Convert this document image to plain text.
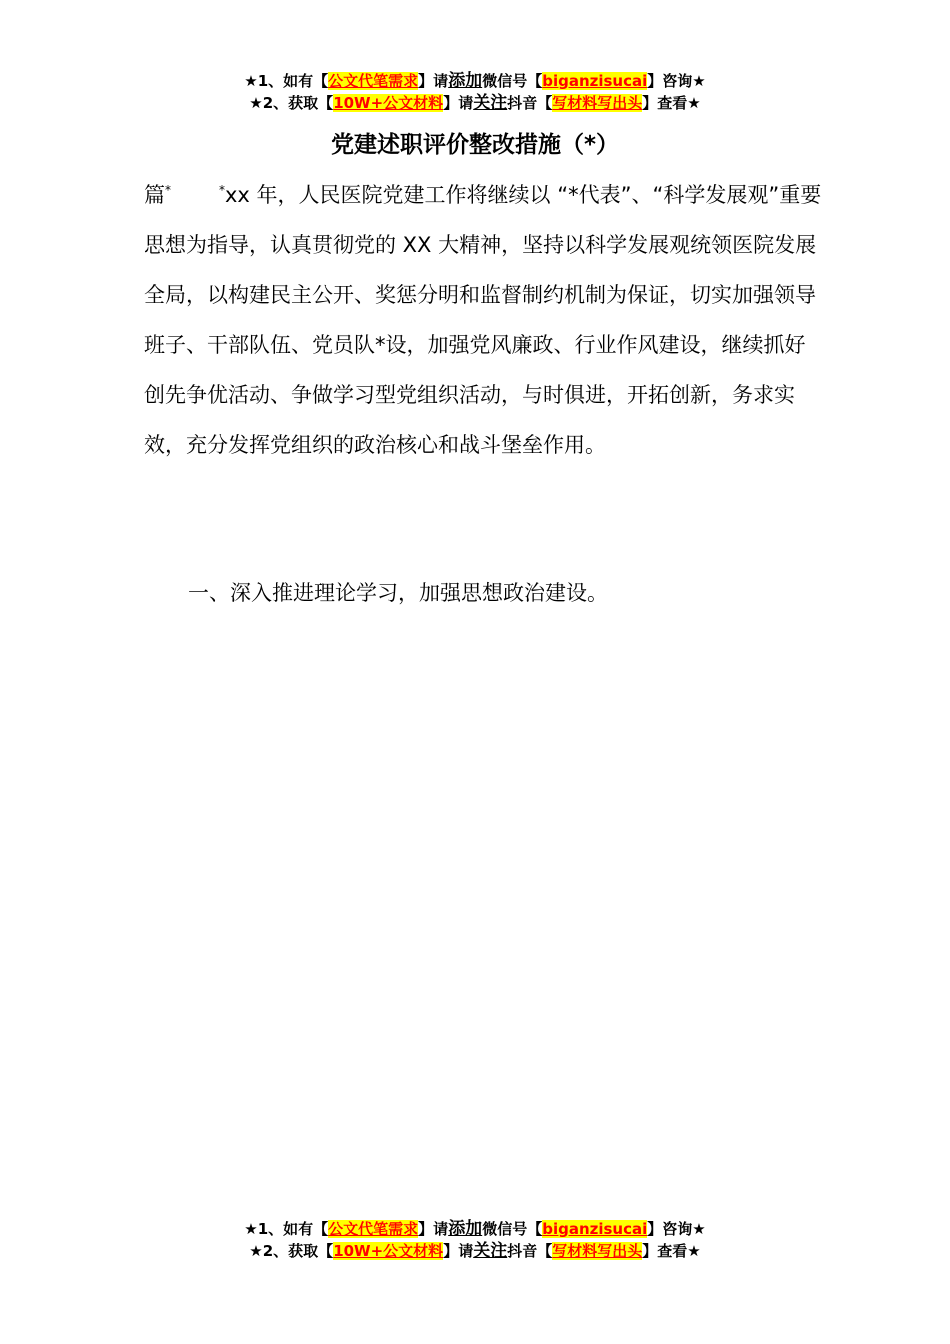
★1、如有【公文代笔需求】请添加微信号【biganzisucai】咨询★
★2、获取【10W+公文材料】请关注抖音【写材料写出头】查看★
党建述职评价整改措施（*）

篇*	*xx 年，人民医院党建工作将继续以 “*代表”、“科学发展观”重要思想为指导，认真贯彻党的 XX 大精神，坚持以科学发展观统领医院发展全局，以构建民主公开、奖惩分明和监督制约机制为保证，切实加强领导班子、干部队伍、党员队*设，加强党风廉政、行业作风建设，继续抓好创先争优活动、争做学习型党组织活动，与时俱进，开拓创新，务求实效，充分发挥党组织的政治核心和战斗堡垒作用。

一、深入推进理论学习，加强思想政治建设。
★1、如有【公文代笔需求】请添加微信号【biganzisucai】咨询★
★2、获取【10W+公文材料】请关注抖音【写材料写出头】查看★
